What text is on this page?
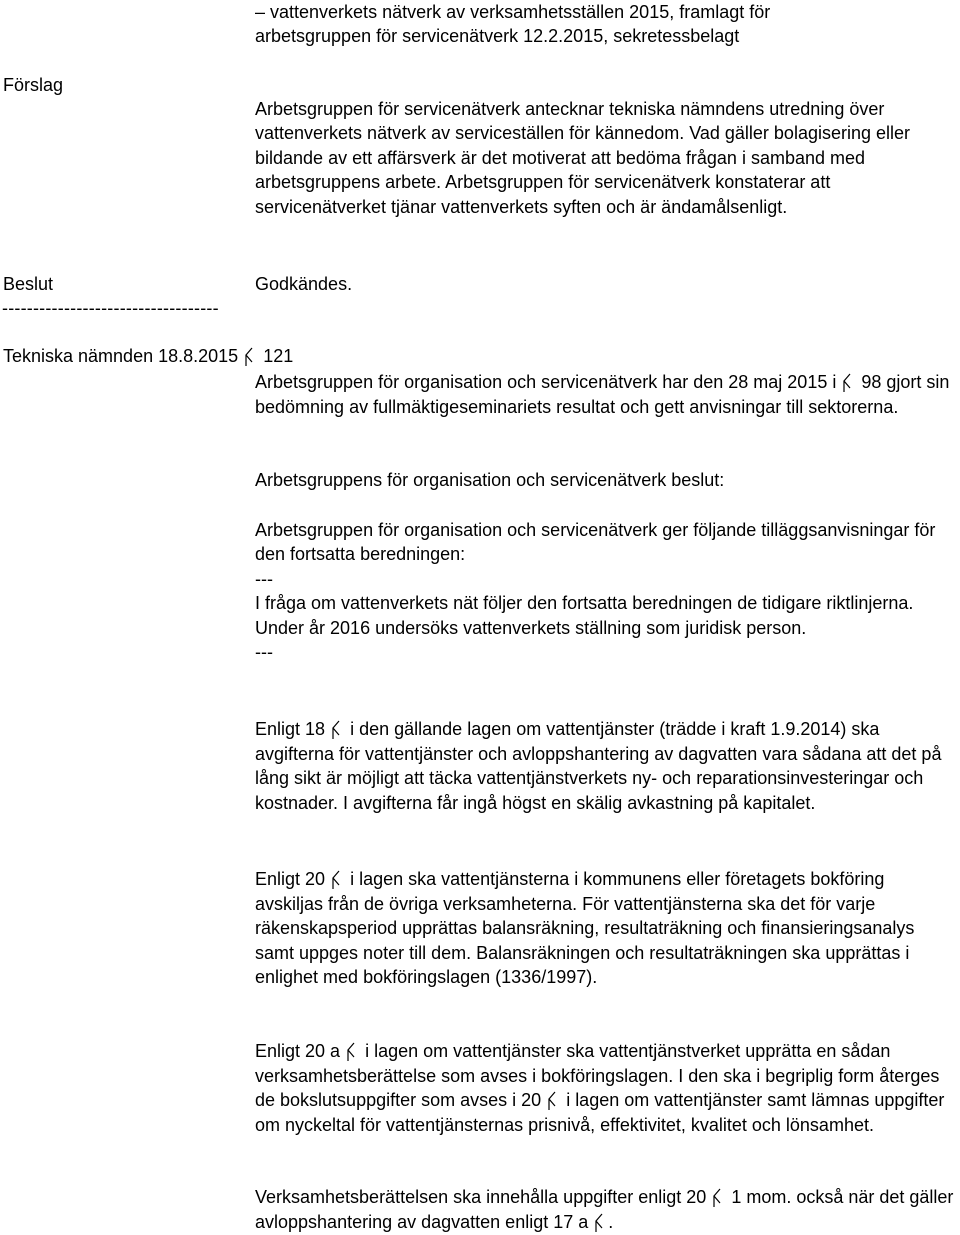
– vattenverkets nätverk av verksamhetsställen 2015, framlagt för

arbetsgruppen för servicenätverk 12.2.2015, sekretessbelagt

Förslag

Arbetsgruppen för servicenätverk antecknar tekniska nämndens utredning över vattenverkets nätverk av serviceställen för kännedom. Vad gäller bolagisering eller bildande av ett affärsverk är det motiverat att bedöma frågan i samband med arbetsgruppens arbete. Arbetsgruppen för servicenätverk konstaterar att servicenätverket tjänar vattenverkets syften och är ändamålsenligt.

Beslut	Godkändes.
-----------------------------------
Tekniska nämnden 18.8.2015 121

Arbetsgruppen för organisation och servicenätverk har den 28 maj 2015 i 98 gjort sin bedömning av fullmäktigeseminariets resultat och gett anvisningar till sektorerna.

Arbetsgruppens för organisation och servicenätverk beslut:

Arbetsgruppen för organisation och servicenätverk ger följande tilläggsanvisningar för den fortsatta beredningen:

---

I fråga om vattenverkets nät följer den fortsatta beredningen de tidigare riktlinjerna. Under år 2016 undersöks vattenverkets ställning som juridisk person.

---

Enligt 18 i den gällande lagen om vattentjänster (trädde i kraft 1.9.2014) ska avgifterna för vattentjänster och avloppshantering av dagvatten vara sådana att det på lång sikt är möjligt att täcka vattentjänstverkets ny- och reparationsinvesteringar och kostnader. I avgifterna får ingå högst en skälig avkastning på kapitalet.

Enligt 20 i lagen ska vattentjänsterna i kommunens eller företagets bokföring avskiljas från de övriga verksamheterna. För vattentjänsterna ska det för varje räkenskapsperiod upprättas balansräkning, resultaträkning och finansieringsanalys samt uppges noter till dem. Balansräkningen och resultaträkningen ska upprättas i enlighet med bokföringslagen (1336/1997).

Enligt 20 a i lagen om vattentjänster ska vattentjänstverket upprätta en sådan verksamhetsberättelse som avses i bokföringslagen. I den ska i begriplig form återges de bokslutsuppgifter som avses i 20 i lagen om vattentjänster samt lämnas uppgifter om nyckeltal för vattentjänsternas prisnivå, effektivitet, kvalitet och lönsamhet.

Verksamhetsberättelsen ska innehålla uppgifter enligt 20 1 mom. också när det gäller avloppshantering av dagvatten enligt 17 a .
